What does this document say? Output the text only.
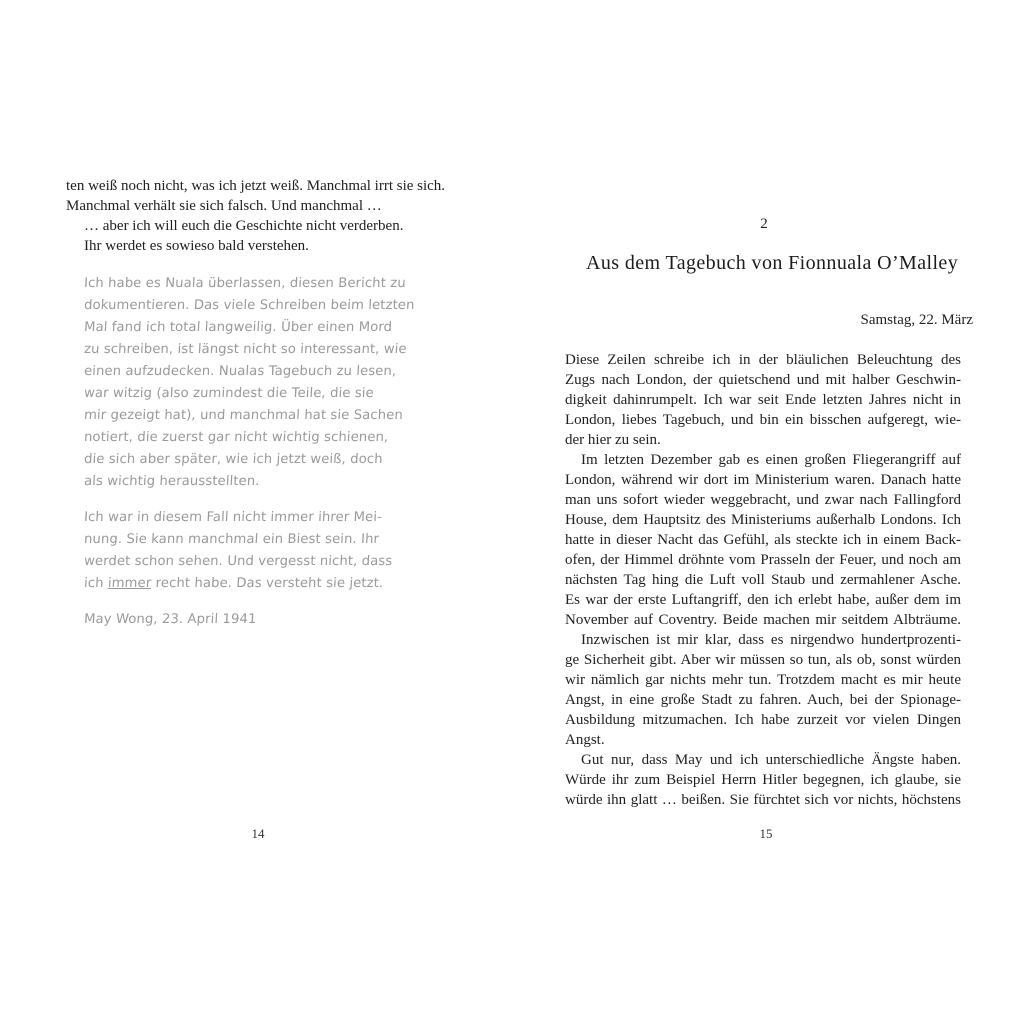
ten weiß noch nicht, was ich jetzt weiß. Manchmal irrt sie sich.

Manchmal verhält sie sich falsch. Und manchmal …

… aber ich will euch die Geschichte nicht verderben.

Ihr werdet es sowieso bald verstehen.

Ich habe es Nuala überlassen, diesen Bericht zu

dokumentieren. Das viele Schreiben beim letzten

Mal fand ich total langweilig. Über einen Mord

zu schreiben, ist längst nicht so interessant, wie

einen aufzudecken. Nualas Tagebuch zu lesen,

war witzig (also zumindest die Teile, die sie

mir gezeigt hat), und manchmal hat sie Sachen

notiert, die zuerst gar nicht wichtig schienen,

die sich aber später, wie ich jetzt weiß, doch

als wichtig herausstellten.

Ich war in diesem Fall nicht immer ihrer Mei-

nung. Sie kann manchmal ein Biest sein. Ihr

werdet schon sehen. Und vergesst nicht, dass

ich immer recht habe. Das versteht sie jetzt.

May Wong, 23. April 1941

14

2

Aus dem Tagebuch von Fionnuala O’Malley

Samstag, 22. März

Diese Zeilen schreibe ich in der bläulichen Beleuchtung des

Zugs nach London, der quietschend und mit halber Geschwin-

digkeit dahinrumpelt. Ich war seit Ende letzten Jahres nicht in

London, liebes Tagebuch, und bin ein bisschen aufgeregt, wie-

der hier zu sein.

Im letzten Dezember gab es einen großen Fliegerangriff auf

London, während wir dort im Ministerium waren. Danach hatte

man uns sofort wieder weggebracht, und zwar nach Fallingford

House, dem Hauptsitz des Ministeriums außerhalb Londons. Ich

hatte in dieser Nacht das Gefühl, als steckte ich in einem Back-

ofen, der Himmel dröhnte vom Prasseln der Feuer, und noch am

nächsten Tag hing die Luft voll Staub und zermahlener Asche.

Es war der erste Luftangriff, den ich erlebt habe, außer dem im

November auf Coventry. Beide machen mir seitdem Albträume.

Inzwischen ist mir klar, dass es nirgendwo hundertprozenti-

ge Sicherheit gibt. Aber wir müssen so tun, als ob, sonst würden

wir nämlich gar nichts mehr tun. Trotzdem macht es mir heute

Angst, in eine große Stadt zu fahren. Auch, bei der Spionage-

Ausbildung mitzumachen. Ich habe zurzeit vor vielen Dingen

Angst.

Gut nur, dass May und ich unterschiedliche Ängste haben.

Würde ihr zum Beispiel Herrn Hitler begegnen, ich glaube, sie

würde ihn glatt … beißen. Sie fürchtet sich vor nichts, höchstens

15
